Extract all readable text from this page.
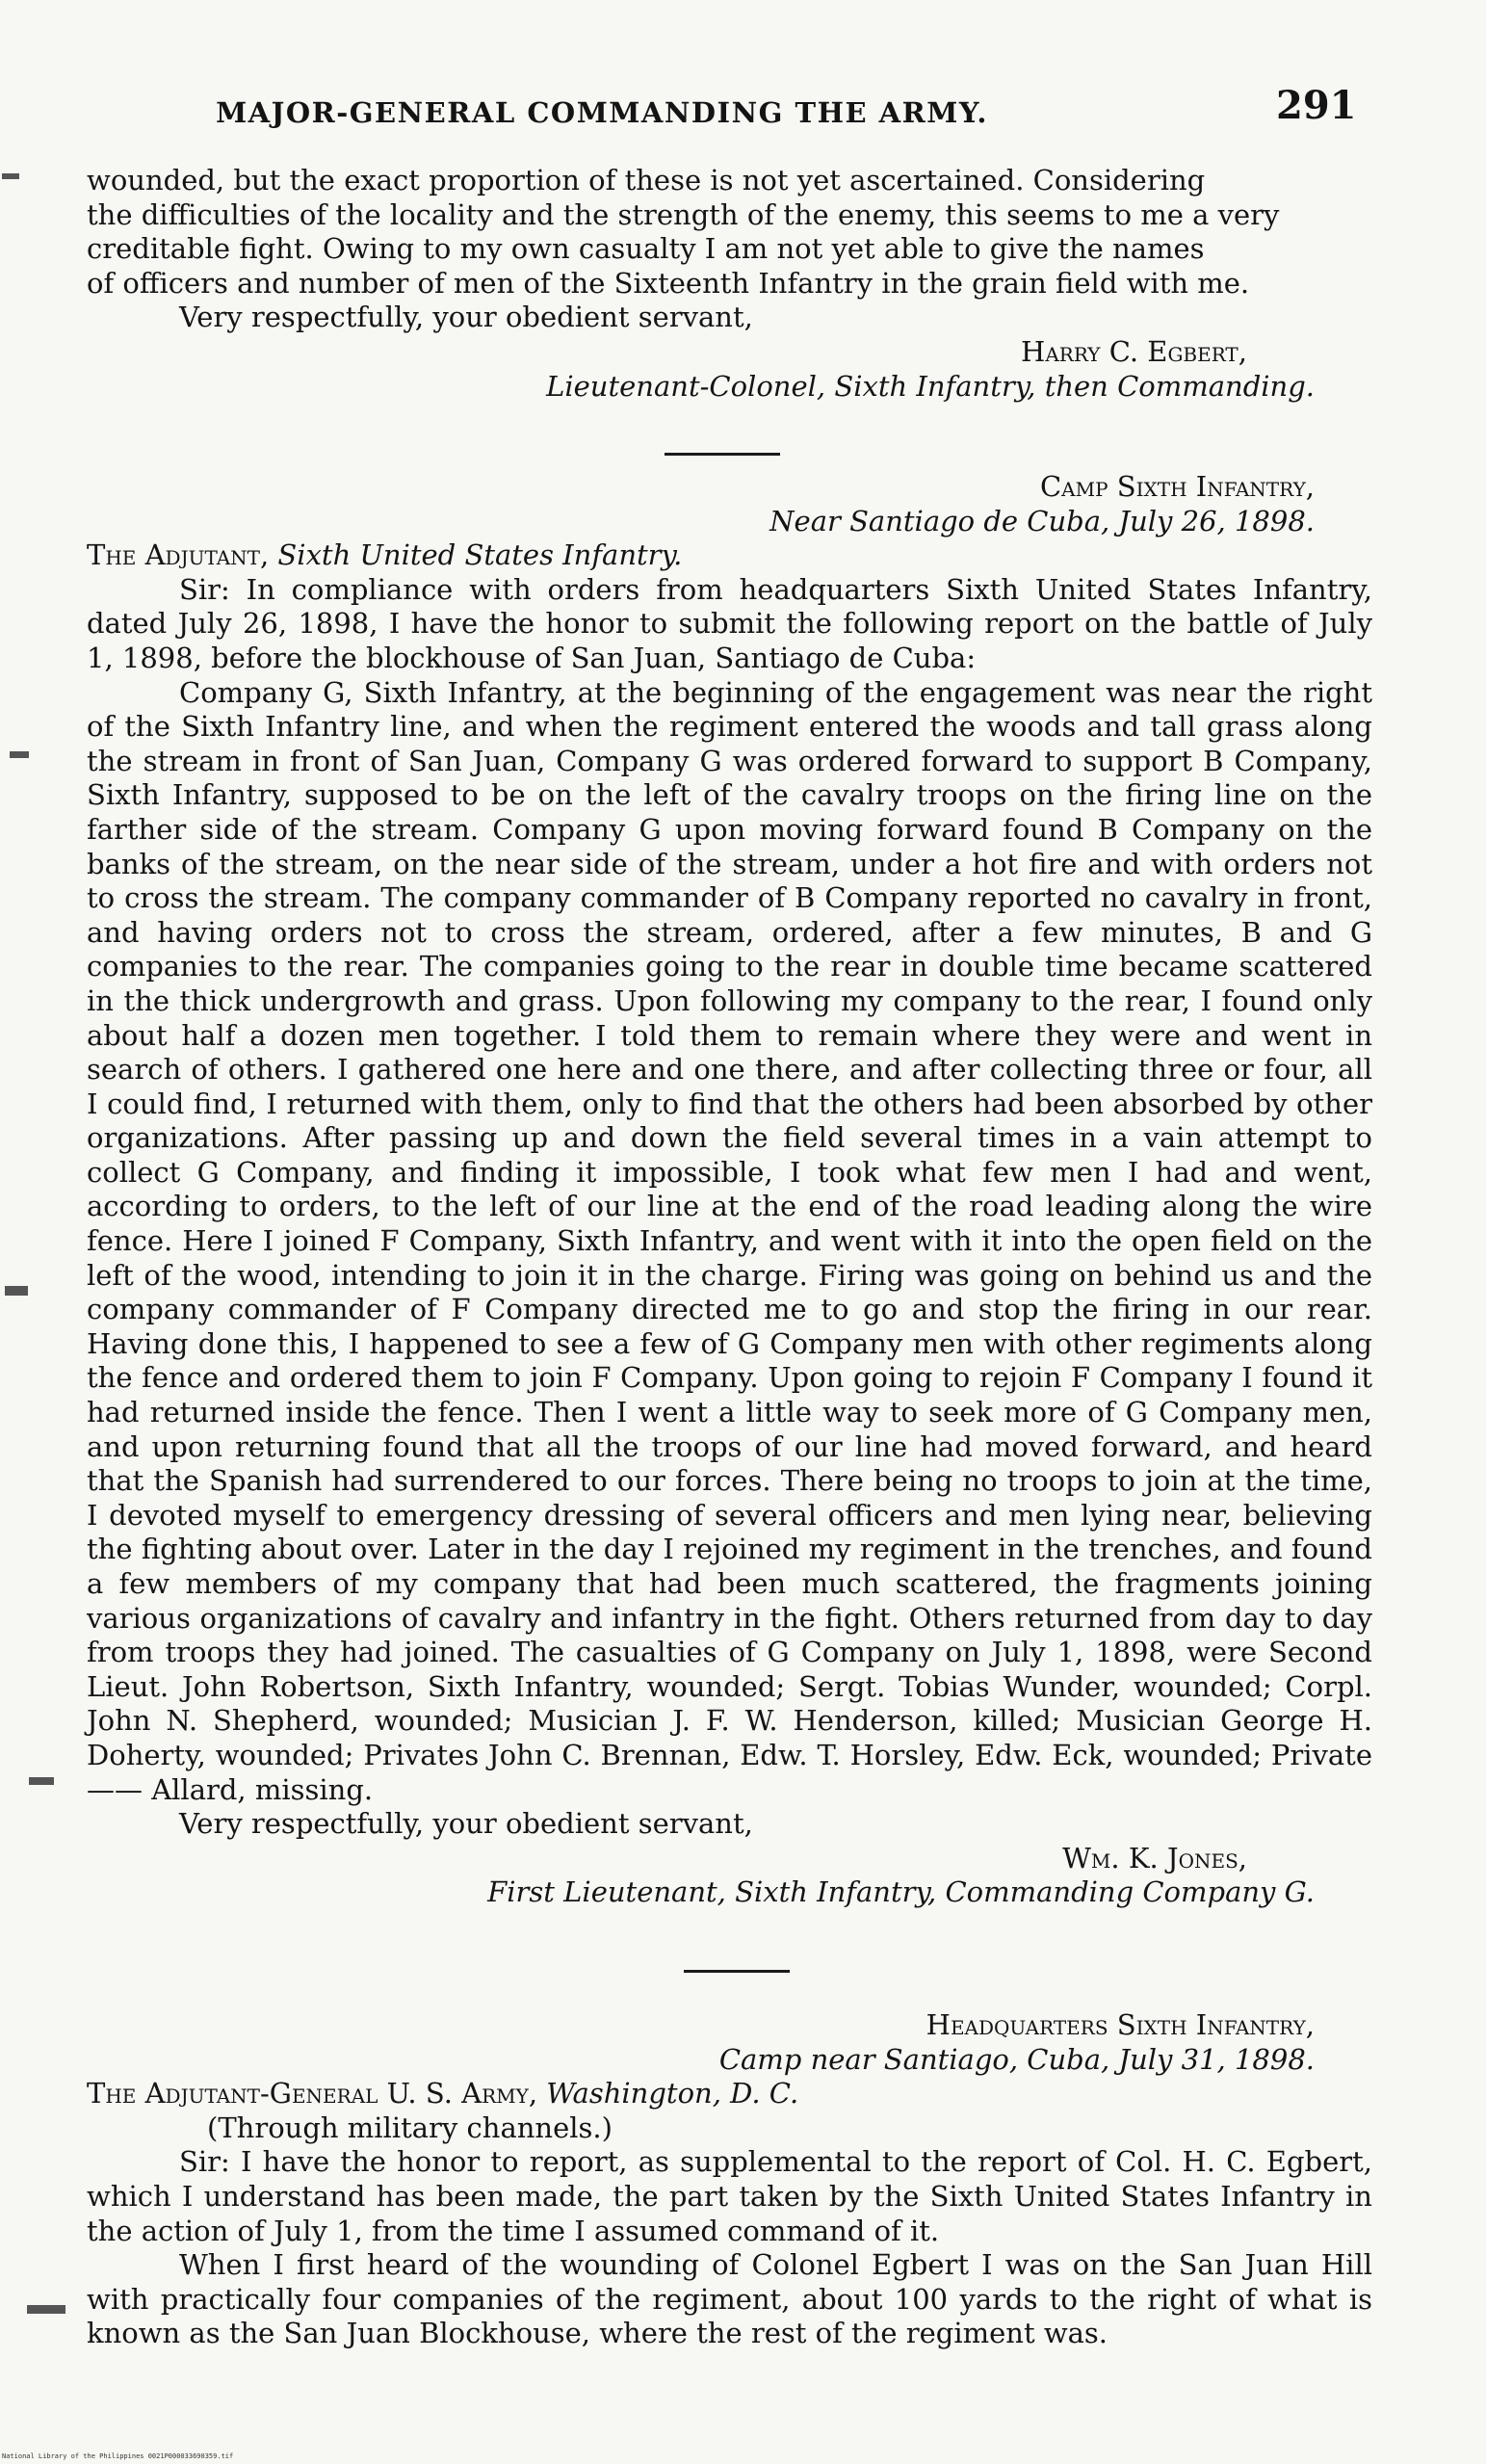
MAJOR-GENERAL COMMANDING THE ARMY.	291

wounded, but the exact proportion of these is not yet ascertained. Considering

the difficulties of the locality and the strength of the enemy, this seems to me a very

creditable fight. Owing to my own casualty I am not yet able to give the names

of officers and number of men of the Sixteenth Infantry in the grain field with me.

Very respectfully, your obedient servant,

Harry C. Egbert,

Lieutenant-Colonel, Sixth Infantry, then Commanding.

Camp Sixth Infantry,

Near Santiago de Cuba, July 26, 1898.

The Adjutant, Sixth United States Infantry.

Sir: In compliance with orders from headquarters Sixth United States Infantry, dated July 26, 1898, I have the honor to submit the following report on the battle of July 1, 1898, before the blockhouse of San Juan, Santiago de Cuba:

Company G, Sixth Infantry, at the beginning of the engagement was near the right of the Sixth Infantry line, and when the regiment entered the woods and tall grass along the stream in front of San Juan, Company G was ordered forward to support B Company, Sixth Infantry, supposed to be on the left of the cavalry troops on the firing line on the farther side of the stream. Company G upon moving forward found B Company on the banks of the stream, on the near side of the stream, under a hot fire and with orders not to cross the stream. The company commander of B Company reported no cavalry in front, and having orders not to cross the stream, ordered, after a few minutes, B and G companies to the rear. The companies going to the rear in double time became scattered in the thick undergrowth and grass. Upon following my company to the rear, I found only about half a dozen men together. I told them to remain where they were and went in search of others. I gathered one here and one there, and after collecting three or four, all I could find, I returned with them, only to find that the others had been absorbed by other organizations. After passing up and down the field several times in a vain attempt to collect G Company, and finding it impossible, I took what few men I had and went, according to orders, to the left of our line at the end of the road leading along the wire fence. Here I joined F Company, Sixth Infantry, and went with it into the open field on the left of the wood, intending to join it in the charge. Firing was going on behind us and the company commander of F Company directed me to go and stop the firing in our rear. Having done this, I happened to see a few of G Company men with other regiments along the fence and ordered them to join F Company. Upon going to rejoin F Company I found it had returned inside the fence. Then I went a little way to seek more of G Company men, and upon returning found that all the troops of our line had moved forward, and heard that the Spanish had surrendered to our forces. There being no troops to join at the time, I devoted myself to emergency dressing of several officers and men lying near, believing the fighting about over. Later in the day I rejoined my regiment in the trenches, and found a few members of my company that had been much scattered, the fragments joining various organizations of cavalry and infantry in the fight. Others returned from day to day from troops they had joined. The casualties of G Company on July 1, 1898, were Second Lieut. John Robertson, Sixth Infantry, wounded; Sergt. Tobias Wunder, wounded; Corpl. John N. Shepherd, wounded; Musician J. F. W. Henderson, killed; Musician George H. Doherty, wounded; Privates John C. Brennan, Edw. T. Horsley, Edw. Eck, wounded; Private —— Allard, missing.

Very respectfully, your obedient servant,

Wm. K. Jones,

First Lieutenant, Sixth Infantry, Commanding Company G.

Headquarters Sixth Infantry,

Camp near Santiago, Cuba, July 31, 1898.

The Adjutant-General U. S. Army, Washington, D. C.

(Through military channels.)

Sir: I have the honor to report, as supplemental to the report of Col. H. C. Egbert, which I understand has been made, the part taken by the Sixth United States Infantry in the action of July 1, from the time I assumed command of it.

When I first heard of the wounding of Colonel Egbert I was on the San Juan Hill with practically four companies of the regiment, about 100 yards to the right of what is known as the San Juan Blockhouse, where the rest of the regiment was.

National Library of the Philippines 0021P000033690359.tif
